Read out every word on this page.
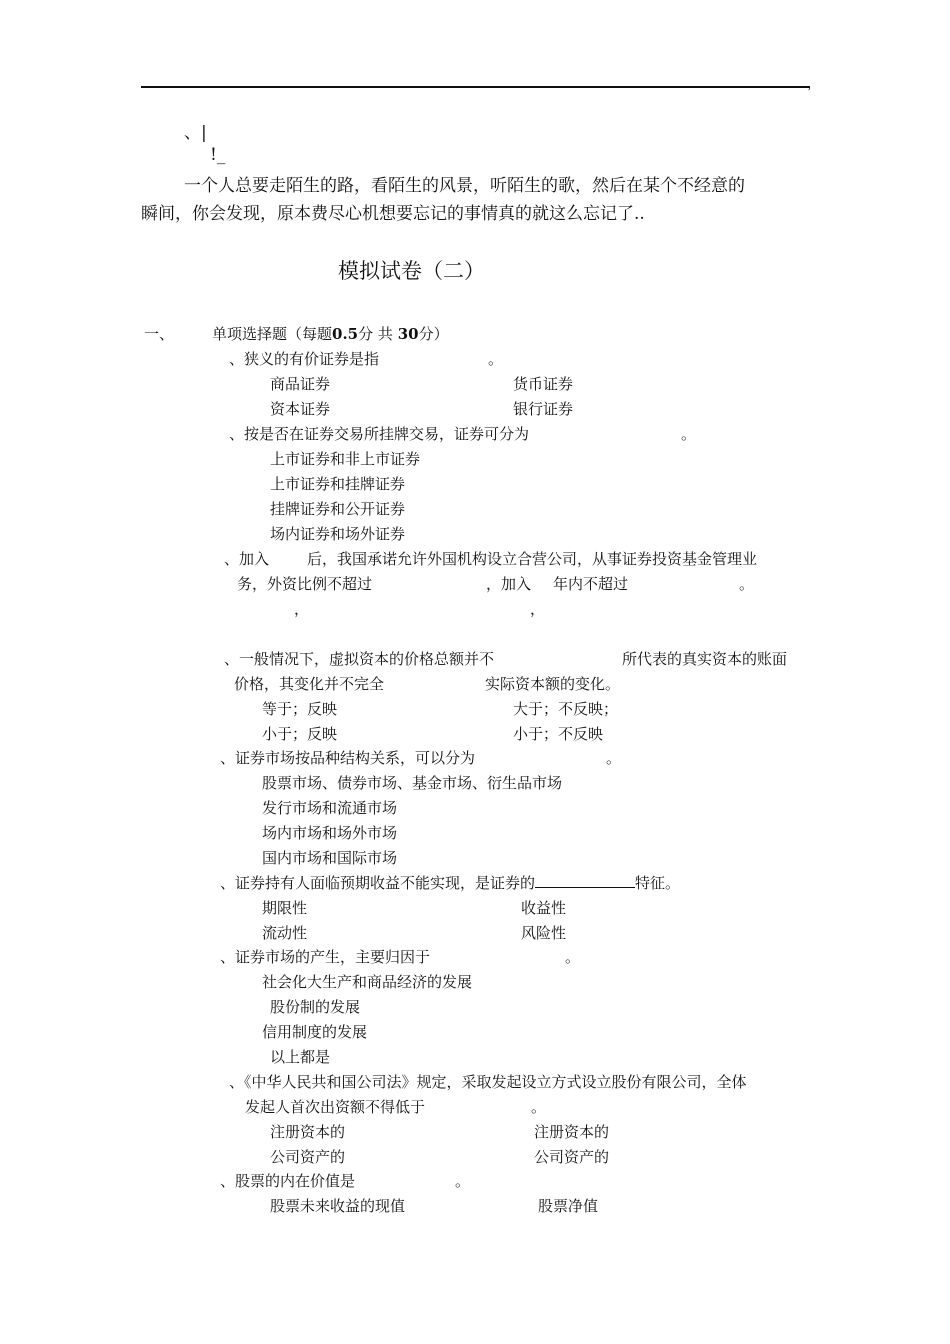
,
、|
!_
一个人总要走陌生的路，看陌生的风景，听陌生的歌，然后在某个不经意的
瞬间，你会发现，原本费尽心机想要忘记的事情真的就这么忘记了..
模拟试卷（二）
一、	单项选择题（每题0.5分 共 30分）
、狭义的有价证券是指	。
商品证券	货币证券
资本证券	银行证券
、按是否在证券交易所挂牌交易，证券可分为	。
上市证券和非上市证券
上市证券和挂牌证券
挂牌证券和公开证券
场内证券和场外证券
、加入	后，我国承诺允许外国机构设立合营公司，从事证券投资基金管理业
务，外资比例不超过	，加入 年内不超过	。
，	，
、一般情况下，虚拟资本的价格总额并不	所代表的真实资本的账面
价格，其变化并不完全	实际资本额的变化。
等于；反映	大于；不反映；
小于；反映	小于；不反映
、证券市场按品种结构关系，可以分为	。
股票市场、债券市场、基金市场、衍生品市场
发行市场和流通市场
场内市场和场外市场
国内市场和国际市场
、证券持有人面临预期收益不能实现，是证券的	特征。
期限性	收益性
流动性	风险性
、证券市场的产生，主要归因于	。
社会化大生产和商品经济的发展
股份制的发展
信用制度的发展
以上都是
、《中华人民共和国公司法》规定，采取发起设立方式设立股份有限公司，全体
发起人首次出资额不得低于	。
注册资本的	注册资本的
公司资产的	公司资产的
、股票的内在价值是	。
股票未来收益的现值	股票净值
